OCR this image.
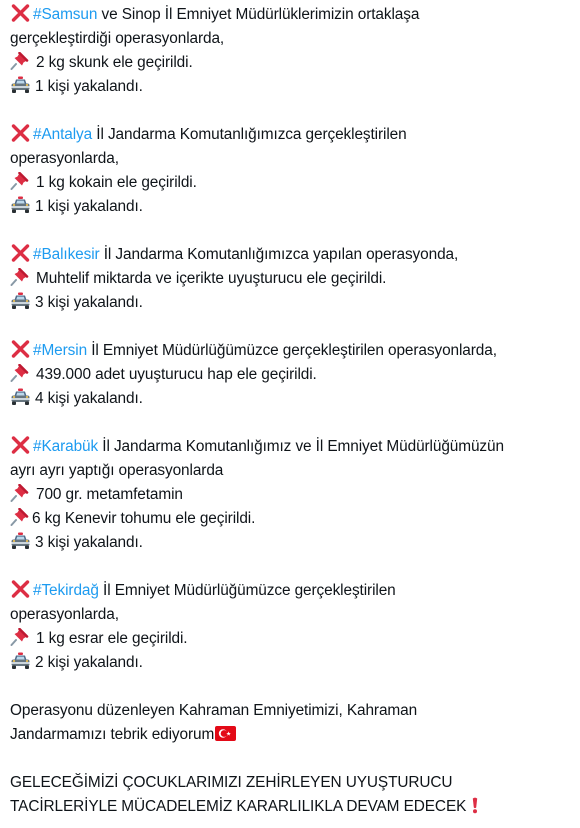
#Samsun ve Sinop İl Emniyet Müdürlüklerimizin ortaklaşa
gerçekleştirdiği operasyonlarda,
2 kg skunk ele geçirildi.
1 kişi yakalandı.
#Antalya İl Jandarma Komutanlığımızca gerçekleştirilen
operasyonlarda,
1 kg kokain ele geçirildi.
1 kişi yakalandı.
#Balıkesir İl Jandarma Komutanlığımızca yapılan operasyonda,
Muhtelif miktarda ve içerikte uyuşturucu ele geçirildi.
3 kişi yakalandı.
#Mersin İl Emniyet Müdürlüğümüzce gerçekleştirilen operasyonlarda,
439.000 adet uyuşturucu hap ele geçirildi.
4 kişi yakalandı.
#Karabük İl Jandarma Komutanlığımız ve İl Emniyet Müdürlüğümüzün
ayrı ayrı yaptığı operasyonlarda
700 gr. metamfetamin
6 kg Kenevir tohumu ele geçirildi.
3 kişi yakalandı.
#Tekirdağ İl Emniyet Müdürlüğümüzce gerçekleştirilen
operasyonlarda,
1 kg esrar ele geçirildi.
2 kişi yakalandı.
Operasyonu düzenleyen Kahraman Emniyetimizi, Kahraman
Jandarmamızı tebrik ediyorum
GELECEĞİMİZİ ÇOCUKLARIMIZI ZEHİRLEYEN UYUŞTURUCU
TACİRLERİYLE MÜCADELEMİZ KARARLILIKLA DEVAM EDECEK
